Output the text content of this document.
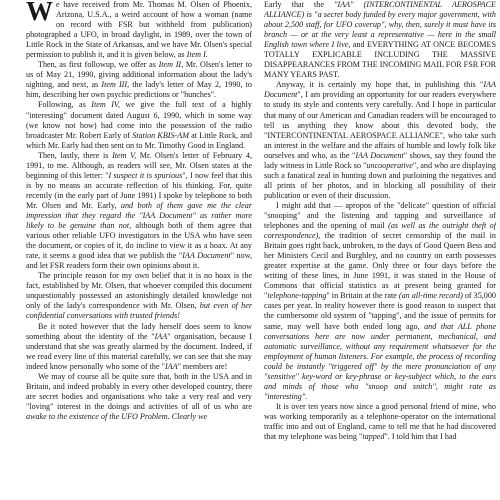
We have received from Mr. Thomas M. Olsen of Phoenix, Arizona, U.S.A., a weird account of how a woman (name on record with FSR but withheld from publication) photographed a UFO, in broad daylight, in 1989, over the town of Little Rock in the State of Arkansas, and we have Mr. Olsen's special permission to publish it, and it is given below, as Item I.

Then, as first followup, we offer as Item II, Mr. Olsen's letter to us of May 21, 1990, giving additional information about the lady's sighting, and next, as Item III, the lady's letter of May 2, 1990, to him, describing her own psychic predictions or "hunches".

Following, as Item IV, we give the full text of a highly "interesting" document dated August 6, 1990, which in some way (we know not how) had come into the possession of the radio broadcaster Mr. Robert Early of Station KBIS-AM at Little Rock, and which Mr. Early had then sent on to Mr. Timothy Good in England.

Then, lastly, there is Item V, Mr. Olsen's letter of February 4, 1991, to me. Although, as readers will see, Mr. Olsen states at the beginning of this letter: "I suspect it is spurious", I now feel that this is by no means an accurate reflection of his thinking. For, quite recently (in the early part of June 1991) I spoke by telephone to both Mr. Olsen and Mr. Early, and both of them gave me the clear impression that they regard the "IAA Document" as rather more likely to be genuine than not, although both of them agree that various other reliable UFO investigators in the USA who have seen the document, or copies of it, do incline to view it as a hoax. At any rate, it seems a good idea that we publish the "IAA Document" now, and let FSR readers form their own opinions about it.

The principle reason for my own belief that it is no hoax is the fact, established by Mr. Olsen, that whoever compiled this document unquestionably possessed an astonishingly detailed knowledge not only of the lady's correspondence with Mr. Olsen, but even of her confidential conversations with trusted friends!

Be it noted however that the lady herself does seem to know something about the identity of the "IAA" organisation, because I understand that she was greatly alarmed by the document. Indeed, if we read every line of this material carefully, we can see that she may indeed know personally who some of the "IAA" members are!

We may of course all be quite sure that, both in the USA and in Britain, and indeed probably in every other developed country, there are secret bodies and organisations who take a very real and very "loving" interest in the doings and activities of all of us who are awake to the existence of the UFO Problem. Clearly we

Early that the "IAA" (INTERCONTINENTAL AEROSPACE ALLIANCE) is "a secret body funded by every major government, with about 2,500 staff, for UFO coverup", why, then, surely it must have its branch — or at the very least a representative — here in the small English town where I live, and EVERYTHING AT ONCE BECOMES TOTALLY EXPLICABLE INCLUDING THE MASSIVE DISAPPEARANCES FROM THE INCOMING MAIL FOR FSR FOR MANY YEARS PAST.

Anyway, it is certainly my hope that, in publishing this "IAA Document", I am providing an opportunity for our readers everywhere to study its style and contents very carefully. And I hope in particular that many of our American and Canadian readers will be encouraged to tell us anything they know about this devoted body, the "INTERCONTINENTAL AEROSPACE ALLIANCE", who take such an interest in the welfare and the affairs of humble and lowly folk like ourselves and who, as the "IAA Document" shows, say they found the lady witness in Little Rock so "uncooperative", and who are displaying such a fanatical zeal in hunting down and purloining the negatives and all prints of her photos, and in blocking all possibility of their publication or even of their discussion.

I might add that — apropos of the "delicate" question of official "snooping" and the listening and tapping and surveillance of telephones and the opening of mail (as well as the outright theft of correspondence), the tradition of secret censorship of the mail in Britain goes right back, unbroken, to the days of Good Queen Bess and her Ministers Cecil and Burghley, and no country on earth possesses greater expertise at the game. Only three or four days before the writing of these lines, in June 1991, it was stated in the House of Commons that official statistics as at present being granted for "telephone-tapping" in Britain at the rate (an all-time record) of 35,000 cases per year. In reality however there is good reason to suspect that the cumbersome old system of "tapping", and the issue of permits for same, may well have both ended long ago, and that ALL phone conversations here are now under permanent, mechanical, and automatic surveillance, without any requirement whatsoever for the employment of human listeners. For example, the process of recording could be instantly "triggered off" by the mere pronunciation of any "sensitive" key-word or key-phrase or key-subject which, to the ears and minds of those who "snoop and snitch", might rate as "interesting".

It is over ten years now since a good personal friend of mine, who was working temporarily as a telephone-operator on the international traffic into and out of England, came to tell me that he had discovered that my telephone was being "tapped". I told him that I had
